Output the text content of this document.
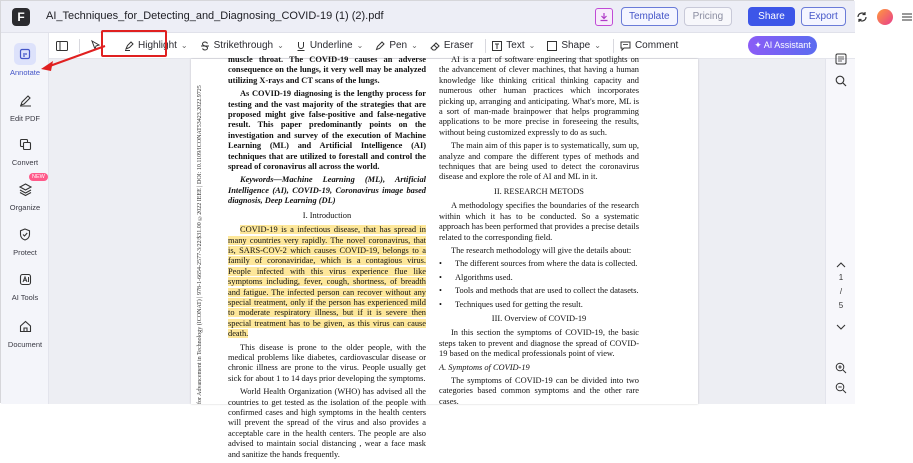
F	AI_Techniques_for_Detecting_and_Diagnosing_COVID-19 (1) (2).pdf	Template	Pricing	Share	Export
Annotate
Edit PDF
Convert
NEW
Organize
Protect
AI Tools
Document
Highlight ⌄	Strikethrough ⌄	Underline ⌄	Pen ⌄	Eraser	Text ⌄	Shape ⌄	Comment	✦ AI Assistant
for Advancement in Technology (ICONAT) | 978-1-6654-2577-3/22/$31.00 ©2022 IEEE | DOI: 10.1109/ICONAT53423.2022.9725

muscle throat. The COVID-19 causes an adverse consequence on the lungs, it very well may be analyzed utilizing X-rays and CT scans of the lungs.

As COVID-19 diagnosing is the lengthy process for testing and the vast majority of the strategies that are proposed might give false-positive and false-negative result. This paper predominantly points on the investigation and survey of the execution of Machine Learning (ML) and Artificial Intelligence (AI) techniques that are utilized to forestall and control the spread of coronavirus all across the world.

Keywords—Machine Learning (ML), Artificial Intelligence (AI), COVID-19, Coronavirus image based diagnosis, Deep Learning (DL)

I. Introduction

COVID-19 is a infectious disease, that has spread in many countries very rapidly. The novel coronavirus, that is, SARS-COV-2 which causes COVID-19, belongs to a family of coronaviridae, which is a contagious virus. People infected with this virus experience flue like symptoms including, fever, cough, shortness, of breadth and fatigue. The infected person can recover without any special treatment, only if the person has experienced mild to moderate respiratory illness, but if it is severe then special treatment has to be given, as this virus can cause death.

This disease is prone to the older people, with the medical problems like diabetes, cardiovascular disease or chronic illness are prone to the virus. People usually get sick for about 1 to 14 days prior developing the symptoms.

World Health Organization (WHO) has advised all the countries to get tested as the isolation of the people with confirmed cases and high symptoms in the health centers will prevent the spread of the virus and also provides a acceptable care in the health centers. The people are also advised to maintain social distancing , wear a face mask and sanitize the hands frequently.

AI is a part of software engineering that spotlights on the advancement of clever machines, that having a human knowledge like thinking critical thinking capacity and numerous other human practices which incorporates picking up, arranging and anticipating. What's more, ML is a sort of man-made brainpower that helps programming applications to be more precise in foreseeing the results, without being customized expressly to do as such.

The main aim of this paper is to systematically, sum up, analyze and compare the different types of methods and techniques that are being used to detect the coronavirus disease and explore the role of AI and ML in it.

II. RESEARCH METODS

A methodology specifies the boundaries of the research within which it has to be conducted. So a systematic approach has been performed that provides a precise details related to the corresponding field.

The research methodology will give the details about:

•	The different sources from where the data is collected.
•	Algorithms used.
•	Tools and methods that are used to collect the datasets.
•	Techniques used for getting the result.
III. Overview of COVID-19

In this section the symptoms of COVID-19, the basic steps taken to prevent and diagnose the spread of COVID-19 based on the medical professionals point of view.

A. Symptoms of COVID-19

The symptoms of COVID-19 can be divided into two categories based common symptoms and the other rare cases.

1
/
5
